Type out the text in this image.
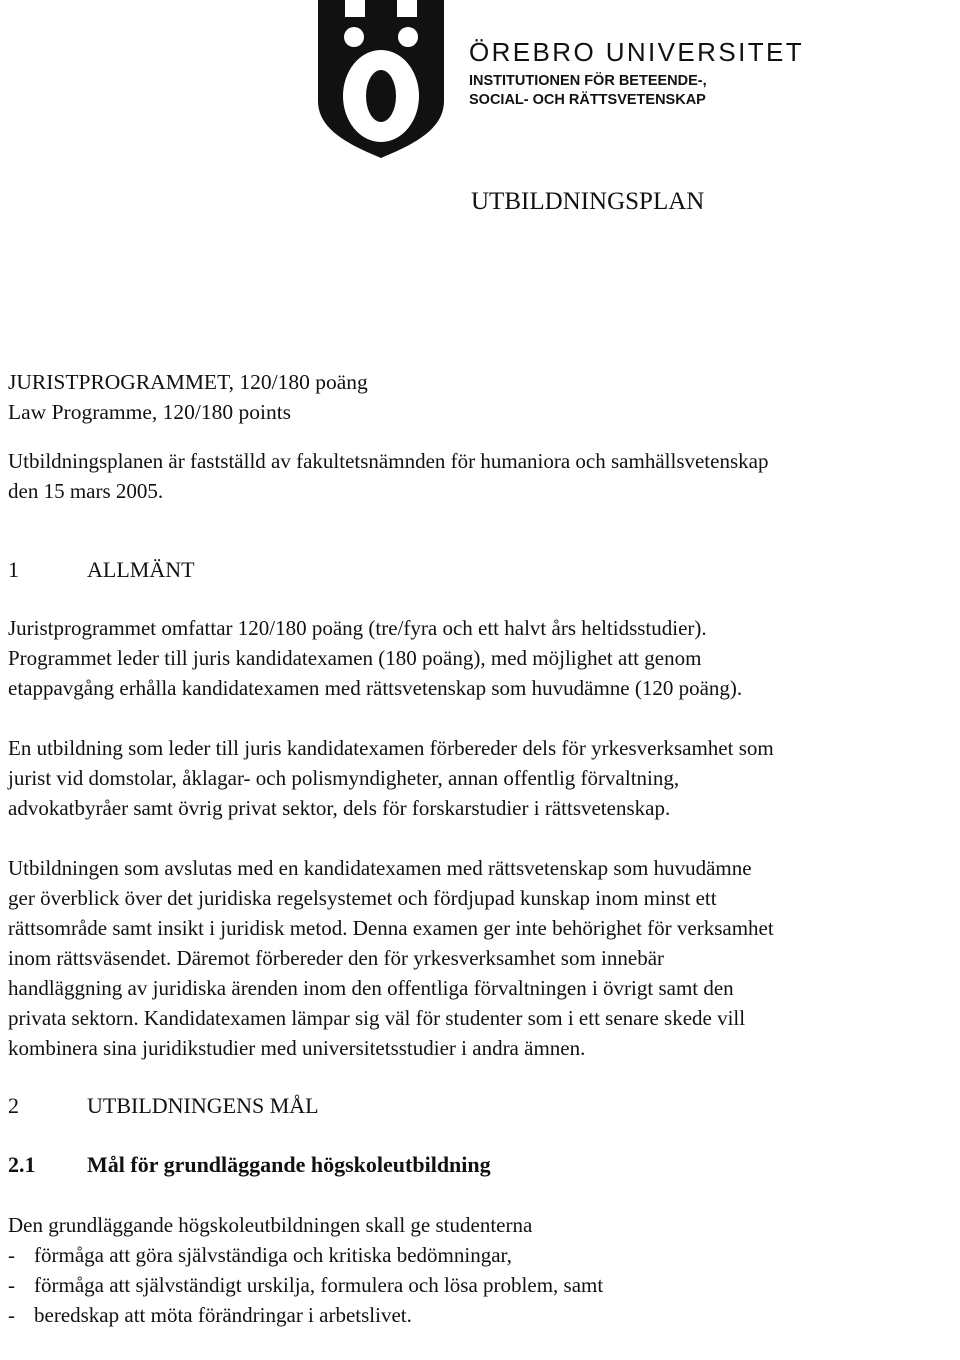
ÖREBRO UNIVERSITET
INSTITUTIONEN FÖR BETEENDE-,
SOCIAL- OCH RÄTTSVETENSKAP
UTBILDNINGSPLAN
JURISTPROGRAMMET, 120/180 poäng
Law Programme, 120/180 points
Utbildningsplanen är fastställd av fakultetsnämnden för humaniora och samhällsvetenskap
den 15 mars 2005.
1	ALLMÄNT
Juristprogrammet omfattar 120/180 poäng (tre/fyra och ett halvt års heltidsstudier).
Programmet leder till juris kandidatexamen (180 poäng), med möjlighet att genom
etappavgång erhålla kandidatexamen med rättsvetenskap som huvudämne (120 poäng).
En utbildning som leder till juris kandidatexamen förbereder dels för yrkesverksamhet som
jurist vid domstolar, åklagar- och polismyndigheter, annan offentlig förvaltning,
advokatbyråer samt övrig privat sektor, dels för forskarstudier i rättsvetenskap.
Utbildningen som avslutas med en kandidatexamen med rättsvetenskap som huvudämne
ger överblick över det juridiska regelsystemet och fördjupad kunskap inom minst ett
rättsområde samt insikt i juridisk metod. Denna examen ger inte behörighet för verksamhet
inom rättsväsendet. Däremot förbereder den för yrkesverksamhet som innebär
handläggning av juridiska ärenden inom den offentliga förvaltningen i övrigt samt den
privata sektorn. Kandidatexamen lämpar sig väl för studenter som i ett senare skede vill
kombinera sina juridikstudier med universitetsstudier i andra ämnen.
2	UTBILDNINGENS MÅL
2.1 Mål för grundläggande högskoleutbildning
Den grundläggande högskoleutbildningen skall ge studenterna
- förmåga att göra självständiga och kritiska bedömningar,
- förmåga att självständigt urskilja, formulera och lösa problem, samt
- beredskap att möta förändringar i arbetslivet.
